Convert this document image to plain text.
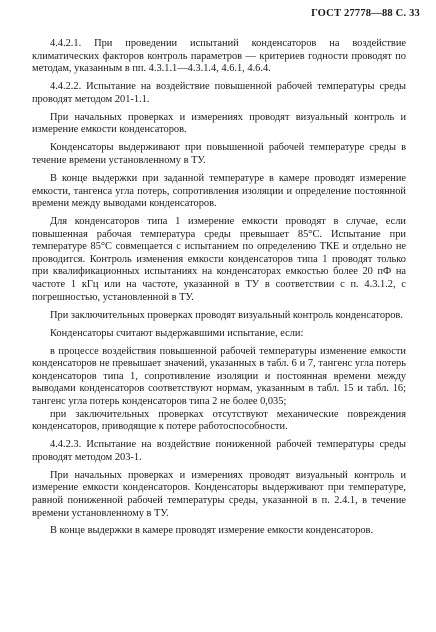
ГОСТ 27778—88 С. 33

4.4.2.1. При проведении испытаний конденсаторов на воздействие климатических факторов контроль параметров — критериев годности проводят по методам, указанным в пп. 4.3.1.1—4.3.1.4, 4.6.1, 4.6.4.

4.4.2.2. Испытание на воздействие повышенной рабочей температуры среды проводят методом 201-1.1.

При начальных проверках и измерениях проводят визуальный контроль и измерение емкости конденсаторов.

Конденсаторы выдерживают при повышенной рабочей температуре среды в течение времени установленному в ТУ.

В конце выдержки при заданной температуре в камере проводят измерение емкости, тангенса угла потерь, сопротивления изоляции и определение постоянной времени между выводами конденсаторов.

Для конденсаторов типа 1 измерение емкости проводят в случае, если повышенная рабочая температура среды превышает 85°C. Испытание при температуре 85°C совмещается с испытанием по определению ТКЕ и отдельно не проводится. Контроль изменения емкости конденсаторов типа 1 проводят только при квалификационных испытаниях на конденсаторах емкостью более 20 пФ на частоте 1 кГц или на частоте, указанной в ТУ в соответствии с п. 4.3.1.2, с погрешностью, установленной в ТУ.

При заключительных проверках проводят визуальный контроль конденсаторов.

Конденсаторы считают выдержавшими испытание, если:

в процессе воздействия повышенной рабочей температуры изменение емкости конденсаторов не превышает значений, указанных в табл. 6 и 7, тангенс угла потерь конденсаторов типа 1, сопротивление изоляции и постоянная времени между выводами конденсаторов соответствуют нормам, указанным в табл. 15 и табл. 16; тангенс угла потерь конденсаторов типа 2 не более 0,035;

при заключительных проверках отсутствуют механические повреждения конденсаторов, приводящие к потере работоспособности.

4.4.2.3. Испытание на воздействие пониженной рабочей температуры среды проводят методом 203-1.

При начальных проверках и измерениях проводят визуальный контроль и измерение емкости конденсаторов. Конденсаторы выдерживают при температуре, равной пониженной рабочей температуры среды, указанной в п. 2.4.1, в течение времени установленному в ТУ.

В конце выдержки в камере проводят измерение емкости конденсаторов.
